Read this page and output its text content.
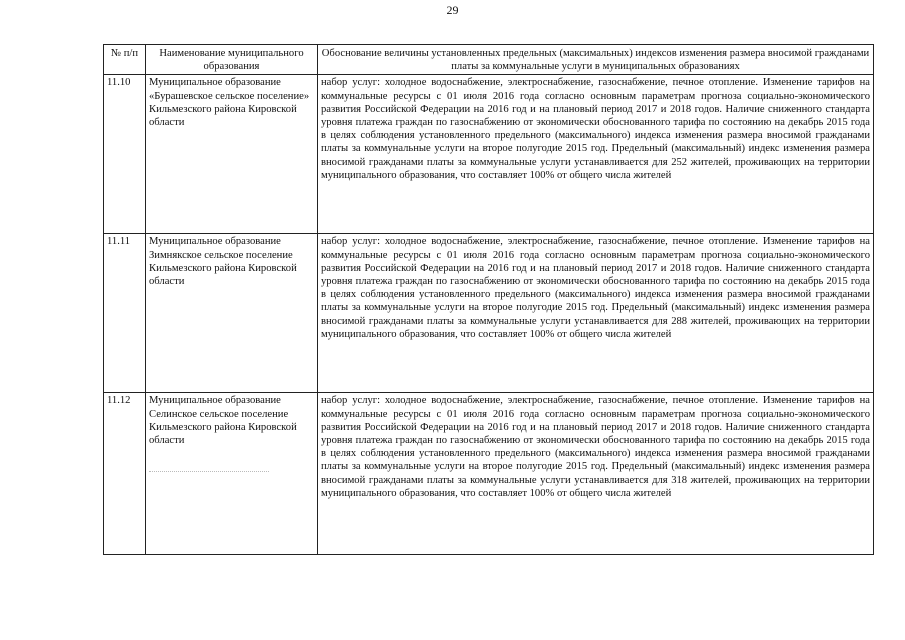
29
№ п/п	Наименование муниципального образования	Обоснование величины установленных предельных (максимальных) индексов изменения размера вносимой гражданами платы за коммунальные услуги в муниципальных образованиях
11.10	Муниципальное образование «Бурашевское сельское поселение» Кильмезского района Кировской области	набор услуг: холодное водоснабжение, электроснабжение, газоснабжение, печное отопление. Изменение тарифов на коммунальные ресурсы с 01 июля 2016 года согласно основным параметрам прогноза социально-экономического развития Российской Федерации на 2016 год и на плановый период 2017 и 2018 годов. Наличие сниженного стандарта уровня платежа граждан по газоснабжению от экономически обоснованного тарифа по состоянию на декабрь 2015 года в целях соблюдения установленного предельного (максимального) индекса изменения размера вносимой гражданами платы за коммунальные услуги на второе полугодие 2015 год. Предельный (максимальный) индекс изменения размера вносимой гражданами платы за коммунальные услуги устанавливается для 252 жителей, проживающих на территории муниципального образования, что составляет 100% от общего числа жителей
11.11	Муниципальное образование Зимнякское сельское поселение Кильмезского района Кировской области	набор услуг: холодное водоснабжение, электроснабжение, газоснабжение, печное отопление. Изменение тарифов на коммунальные ресурсы с 01 июля 2016 года согласно основным параметрам прогноза социально-экономического развития Российской Федерации на 2016 год и на плановый период 2017 и 2018 годов. Наличие сниженного стандарта уровня платежа граждан по газоснабжению от экономически обоснованного тарифа по состоянию на декабрь 2015 года в целях соблюдения установленного предельного (максимального) индекса изменения размера вносимой гражданами платы за коммунальные услуги на второе полугодие 2015 год. Предельный (максимальный) индекс изменения размера вносимой гражданами платы за коммунальные услуги устанавливается для 288 жителей, проживающих на территории муниципального образования, что составляет 100% от общего числа жителей
11.12	Муниципальное образование Селинское сельское поселение Кильмезского района Кировской области	набор услуг: холодное водоснабжение, электроснабжение, газоснабжение, печное отопление. Изменение тарифов на коммунальные ресурсы с 01 июля 2016 года согласно основным параметрам прогноза социально-экономического развития Российской Федерации на 2016 год и на плановый период 2017 и 2018 годов. Наличие сниженного стандарта уровня платежа граждан по газоснабжению от экономически обоснованного тарифа по состоянию на декабрь 2015 года в целях соблюдения установленного предельного (максимального) индекса изменения размера вносимой гражданами платы за коммунальные услуги на второе полугодие 2015 год. Предельный (максимальный) индекс изменения размера вносимой гражданами платы за коммунальные услуги устанавливается для 318 жителей, проживающих на территории муниципального образования, что составляет 100% от общего числа жителей
